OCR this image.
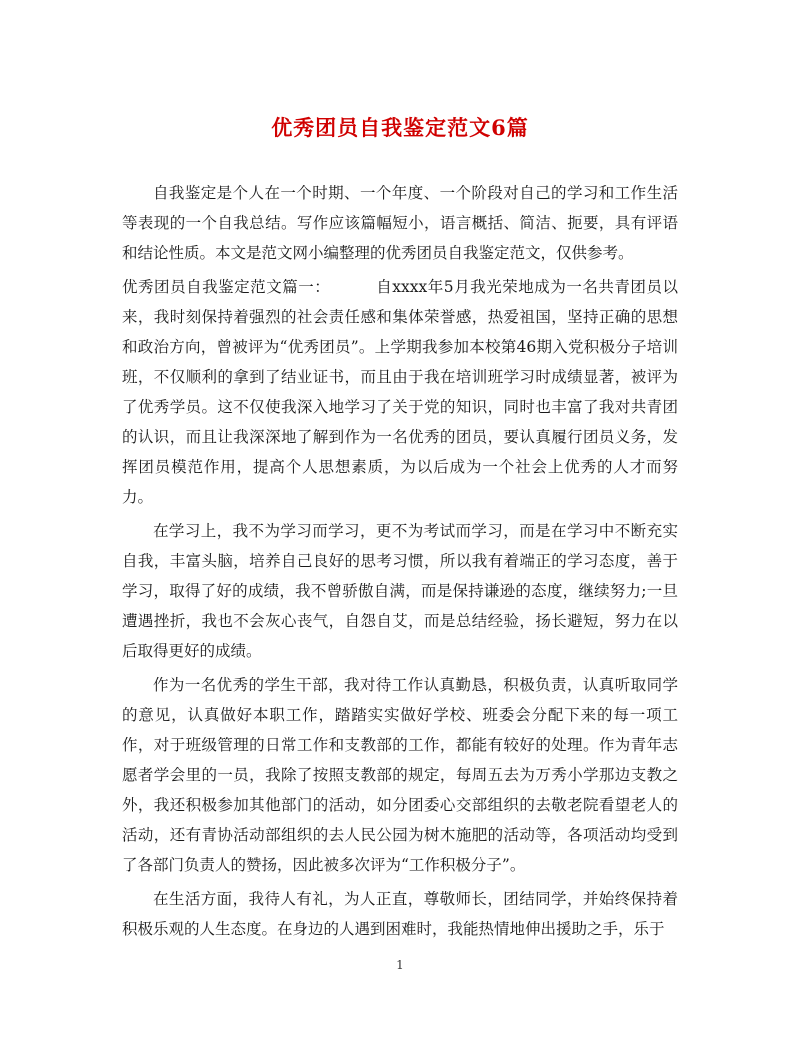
优秀团员自我鉴定范文6篇

自我鉴定是个人在一个时期、一个年度、一个阶段对自己的学习和工作生活等表现的一个自我总结。写作应该篇幅短小，语言概括、简洁、扼要，具有评语和结论性质。本文是范文网小编整理的优秀团员自我鉴定范文，仅供参考。

优秀团员自我鉴定范文篇一：	自xxxx年5月我光荣地成为一名共青团员以来，我时刻保持着强烈的社会责任感和集体荣誉感，热爱祖国，坚持正确的思想和政治方向，曾被评为“优秀团员”。上学期我参加本校第46期入党积极分子培训班，不仅顺利的拿到了结业证书，而且由于我在培训班学习时成绩显著，被评为了优秀学员。这不仅使我深入地学习了关于党的知识，同时也丰富了我对共青团的认识，而且让我深深地了解到作为一名优秀的团员，要认真履行团员义务，发挥团员模范作用，提高个人思想素质，为以后成为一个社会上优秀的人才而努力。

在学习上，我不为学习而学习，更不为考试而学习，而是在学习中不断充实自我，丰富头脑，培养自己良好的思考习惯，所以我有着端正的学习态度，善于学习，取得了好的成绩，我不曾骄傲自满，而是保持谦逊的态度，继续努力;一旦遭遇挫折，我也不会灰心丧气，自怨自艾，而是总结经验，扬长避短，努力在以后取得更好的成绩。

作为一名优秀的学生干部，我对待工作认真勤恳，积极负责，认真听取同学的意见，认真做好本职工作，踏踏实实做好学校、班委会分配下来的每一项工作，对于班级管理的日常工作和支教部的工作，都能有较好的处理。作为青年志愿者学会里的一员，我除了按照支教部的规定，每周五去为万秀小学那边支教之外，我还积极参加其他部门的活动，如分团委心交部组织的去敬老院看望老人的活动，还有青协活动部组织的去人民公园为树木施肥的活动等，各项活动均受到了各部门负责人的赞扬，因此被多次评为“工作积极分子”。

在生活方面，我待人有礼，为人正直，尊敬师长，团结同学，并始终保持着积极乐观的人生态度。在身边的人遇到困难时，我能热情地伸出援助之手，乐于

1
